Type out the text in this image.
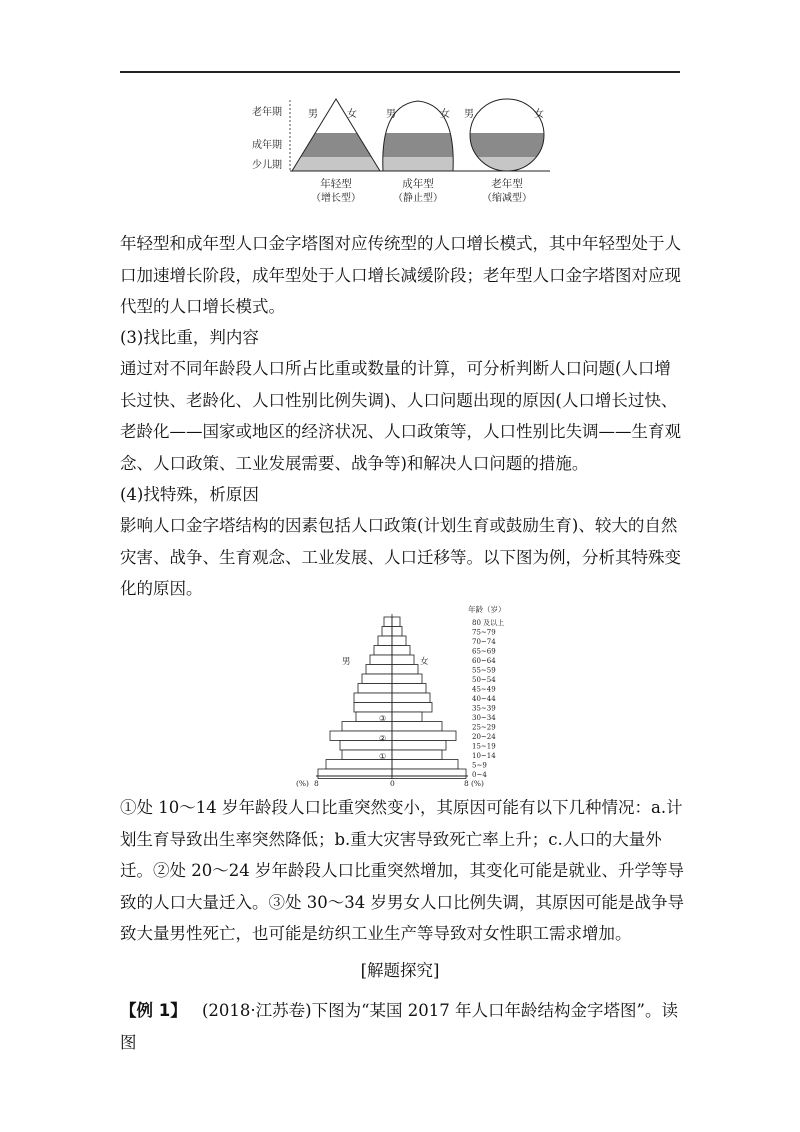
老年期
成年期
少儿期
男	女	男	女 男	女
年轻型
（增长型）
成年型
（静止型）
老年型
（缩减型）

年轻型和成年型人口金字塔图对应传统型的人口增长模式，其中年轻型处于人口加速增长阶段，成年型处于人口增长减缓阶段；老年型人口金字塔图对应现代型的人口增长模式。

(3)找比重，判内容

通过对不同年龄段人口所占比重或数量的计算，可分析判断人口问题(人口增长过快、老龄化、人口性别比例失调)、人口问题出现的原因(人口增长过快、老龄化——国家或地区的经济状况、人口政策等，人口性别比失调——生育观念、人口政策、工业发展需要、战争等)和解决人口问题的措施。

(4)找特殊，析原因

影响人口金字塔结构的因素包括人口政策(计划生育或鼓励生育)、较大的自然灾害、战争、生育观念、工业发展、人口迁移等。以下图为例，分析其特殊变化的原因。

年龄（岁）
80 及以上
75~79
70~74
65~69
60~64
55~59
50~54
45~49
40~44
35~39
30~34
25~29
20~24
15~19
10~14
5~9
0~4
男	女
③
②
①
(%) 8	0	8 (%)

①处 10～14 岁年龄段人口比重突然变小，其原因可能有以下几种情况：a.计划生育导致出生率突然降低；b.重大灾害导致死亡率上升；c.人口的大量外迁。②处 20～24 岁年龄段人口比重突然增加，其变化可能是就业、升学等导致的人口大量迁入。③处 30～34 岁男女人口比例失调，其原因可能是战争导致大量男性死亡，也可能是纺织工业生产等导致对女性职工需求增加。

[解题探究]
【例 1】 (2018·江苏卷)下图为“某国 2017 年人口年龄结构金字塔图”。读图
